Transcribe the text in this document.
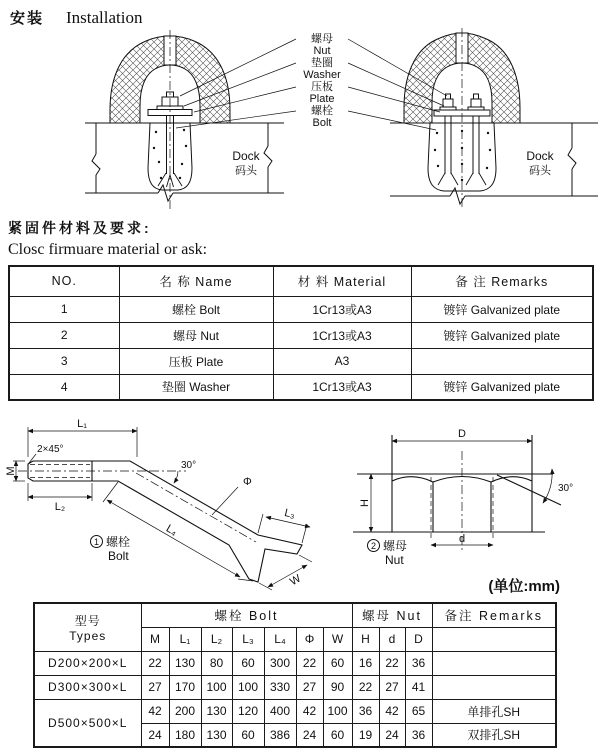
安装 Installation
Dock
码头
Dock
码头
螺母
Nut
垫圈
Washer
压板
Plate
螺栓
Bolt
紧固件材料及要求:
Closc firmuare material or ask:
NO.	名 称 Name	材 料 Material	备 注 Remarks
1	螺栓 Bolt	1Cr13或A3	镀锌 Galvanized plate
2	螺母 Nut	1Cr13或A3	镀锌 Galvanized plate
3	压板 Plate	A3	
4	垫圈 Washer	1Cr13或A3	镀锌 Galvanized plate
L₁
2×45°
M
L₂
30°
Φ
L₃
L₄
W
1 螺栓
Bolt
D
H
d
30°
2 螺母
Nut
(单位:mm)
型号
Types	螺栓 Bolt							螺母 Nut			备注 Remarks
	M	L₁	L₂	L₃	L₄	Φ	W	H	d	D	
D200×200×L	22	130	80	60	300	22	60	16	22	36	
D300×300×L	27	170	100	100	330	27	90	22	27	41	
D500×500×L	42	200	130	120	400	42	100	36	42	65	单排孔SH
	24	180	130	60	386	24	60	19	24	36	双排孔SH
